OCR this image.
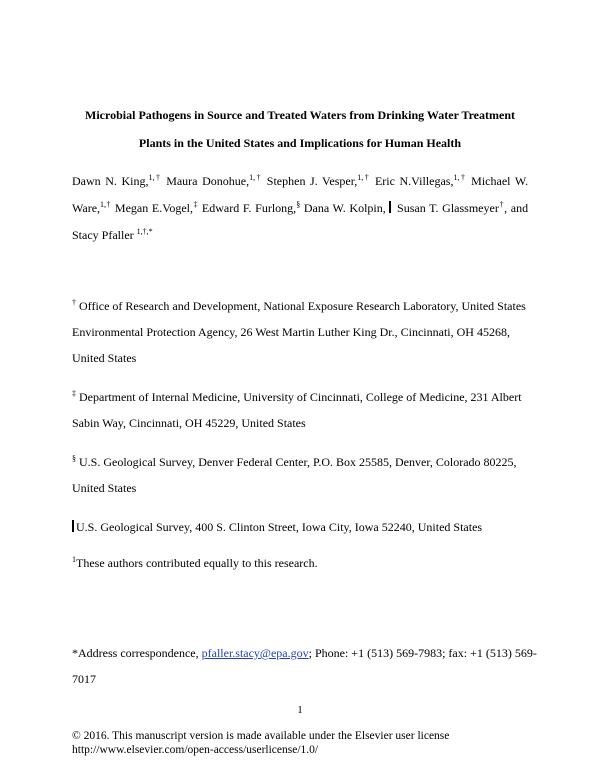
Microbial Pathogens in Source and Treated Waters from Drinking Water Treatment
Plants in the United States and Implications for Human Health
Dawn N. King,$^{1,\dagger}$ Maura Donohue,$^{1,\dagger}$ Stephen J. Vesper,$^{1,\dagger}$ Eric N.Villegas,$^{1,\dagger}$ Michael W.
Ware,$^{1,\dagger}$ Megan E.Vogel,‡ Edward F. Furlong,§ Dana W. Kolpin, Susan T. Glassmeyer†, and
Stacy Pfaller $^{1,\dagger,*}$
† Office of Research and Development, National Exposure Research Laboratory, United States
Environmental Protection Agency, 26 West Martin Luther King Dr., Cincinnati, OH 45268,
United States
‡ Department of Internal Medicine, University of Cincinnati, College of Medicine, 231 Albert
Sabin Way, Cincinnati, OH 45229, United States
§ U.S. Geological Survey, Denver Federal Center, P.O. Box 25585, Denver, Colorado 80225,
United States
U.S. Geological Survey, 400 S. Clinton Street, Iowa City, Iowa 52240, United States
$^1$These authors contributed equally to this research.
*Address correspondence, pfaller.stacy@epa.gov; Phone: +1 (513) 569-7983; fax: +1 (513) 569-
7017
1
© 2016. This manuscript version is made available under the Elsevier user license
http://www.elsevier.com/open-access/userlicense/1.0/
